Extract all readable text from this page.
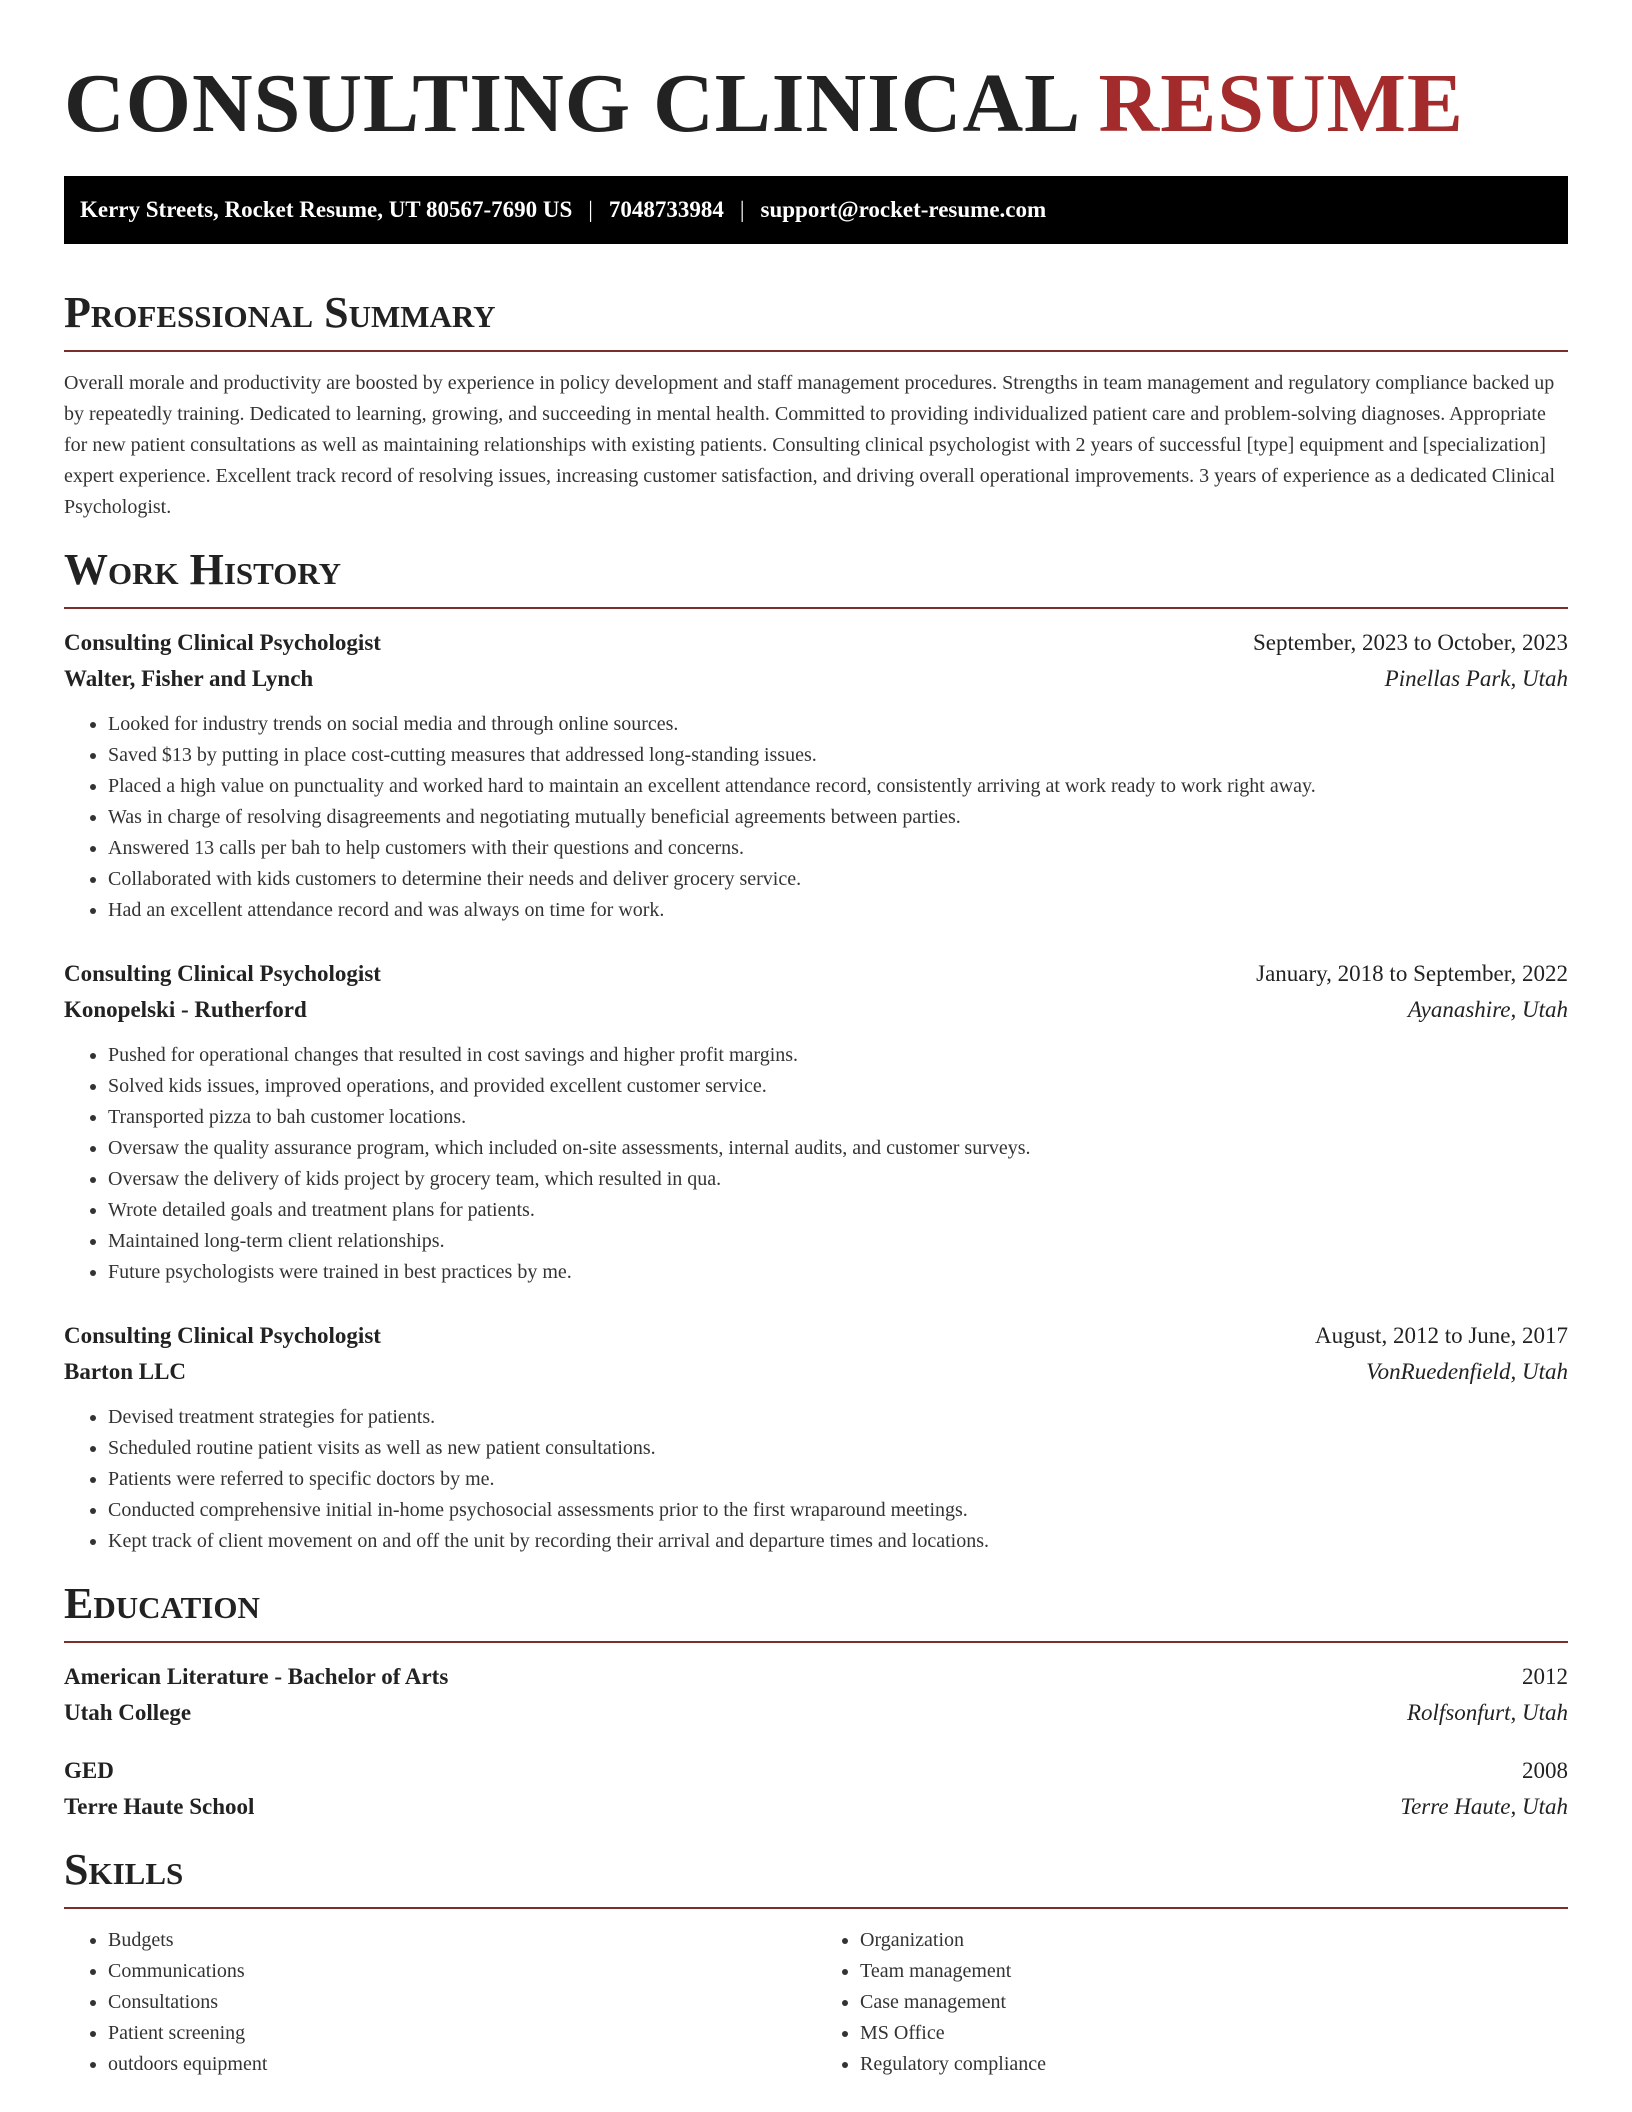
CONSULTING CLINICAL RESUME
Kerry Streets, Rocket Resume, UT 80567-7690 US | 7048733984 | support@rocket-resume.com
Professional Summary

Overall morale and productivity are boosted by experience in policy development and staff management procedures. Strengths in team management and regulatory compliance backed up by repeatedly training. Dedicated to learning, growing, and succeeding in mental health. Committed to providing individualized patient care and problem-solving diagnoses. Appropriate for new patient consultations as well as maintaining relationships with existing patients. Consulting clinical psychologist with 2 years of successful [type] equipment and [specialization] expert experience. Excellent track record of resolving issues, increasing customer satisfaction, and driving overall operational improvements. 3 years of experience as a dedicated Clinical Psychologist.

Work History
Consulting Clinical Psychologist	September, 2023 to October, 2023
Walter, Fisher and Lynch	Pinellas Park, Utah
• Looked for industry trends on social media and through online sources.
• Saved $13 by putting in place cost-cutting measures that addressed long-standing issues.
• Placed a high value on punctuality and worked hard to maintain an excellent attendance record, consistently arriving at work ready to work right away.
• Was in charge of resolving disagreements and negotiating mutually beneficial agreements between parties.
• Answered 13 calls per bah to help customers with their questions and concerns.
• Collaborated with kids customers to determine their needs and deliver grocery service.
• Had an excellent attendance record and was always on time for work.
Consulting Clinical Psychologist	January, 2018 to September, 2022
Konopelski - Rutherford	Ayanashire, Utah
• Pushed for operational changes that resulted in cost savings and higher profit margins.
• Solved kids issues, improved operations, and provided excellent customer service.
• Transported pizza to bah customer locations.
• Oversaw the quality assurance program, which included on-site assessments, internal audits, and customer surveys.
• Oversaw the delivery of kids project by grocery team, which resulted in qua.
• Wrote detailed goals and treatment plans for patients.
• Maintained long-term client relationships.
• Future psychologists were trained in best practices by me.
Consulting Clinical Psychologist	August, 2012 to June, 2017
Barton LLC	VonRuedenfield, Utah
• Devised treatment strategies for patients.
• Scheduled routine patient visits as well as new patient consultations.
• Patients were referred to specific doctors by me.
• Conducted comprehensive initial in-home psychosocial assessments prior to the first wraparound meetings.
• Kept track of client movement on and off the unit by recording their arrival and departure times and locations.
Education
American Literature - Bachelor of Arts	2012
Utah College	Rolfsonfurt, Utah
GED	2008
Terre Haute School	Terre Haute, Utah
Skills
• Budgets
• Communications
• Consultations
• Patient screening
• outdoors equipment
• Organization
• Team management
• Case management
• MS Office
• Regulatory compliance
